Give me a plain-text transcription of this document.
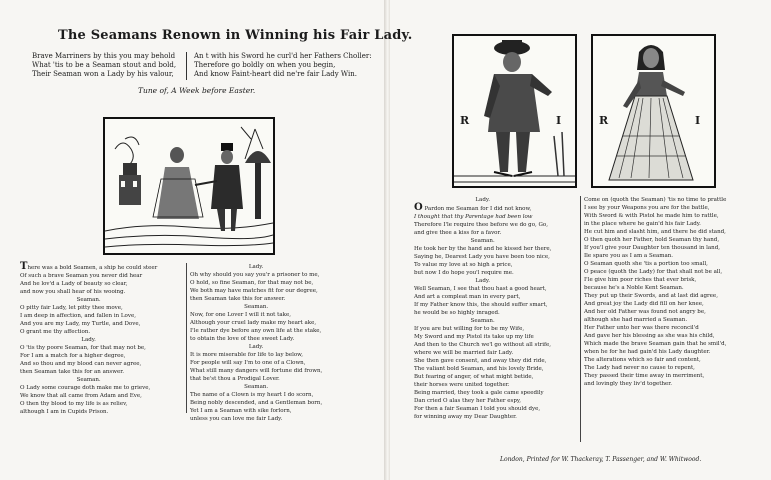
The Seamans Renown in Winning his Fair Lady.
Brave Marriners by this you may behold
What 'tis to be a Seaman stout and bold,
Their Seaman won a Lady by his valour,
An t with his Sword he curl'd her Fathers Choller:
Therefore go boldly on when you begin,
And know Faint-heart did ne're fair Lady Win.
Tune of, A Week before Easter.
R	I	R	I
There was a bold Seamen, a ship he could steer
Of such a brave Seaman you never did hear
And he lov'd a Lady of beauty so clear,
and now you shall hear of his wooing.
Seaman.
O pitty fair Lady, let pitty thee move,
I am deep in affection, and fallen in Love,
And you are my Lady, my Turtle, and Dove,
O grant me thy affection.
Lady.
O 'tis thy poore Seaman, for that may not be,
For I am a match for a higher degree,
And so thou and my blood can never agree,
then Seaman take this for an answer.
Seaman.
O Lady some courage doth make me to grieve,
We know that all came from Adam and Eve,
O then thy blood to my life is as reliev,
although I am in Cupids Prison.
Lady.
Oh why should you say you'r a prisoner to me,
O hold, so fine Seaman, for that may not be,
We both may have matches fit for our degree,
then Seaman take this for answer.
Seaman.
Now, for one Lover I will it not take,
Although your cruel lady make my heart ake,
I'le rather dye before any own life at the stake,
to obtain the love of thee sweet Lady.
Lady.
It is more miserable for life to lay below,
For people will say I'm to one of a Clown,
What still many dangers will fortune did frown,
that be'st thou a Prodigal Lover.
Seaman.
The name of a Clown is my heart I do scorn,
Being nobly descended, and a Gentleman born,
Yet I am a Seaman with sike forlorn,
unless you can love me fair Lady.
Lady.
O Pardon me Seaman for I did not know,
I thought that thy Parentage had been low
Therefore I'le require thee before we do go, Go,
and give thee a kiss for a favor.
Seaman.
He took her by the hand and he kissed her there,
Saying he, Dearest Lady you have been too nice,
To value my love at so high a price,
but now I do hope you'l require me.
Lady.
Well Seaman, I see that thou hast a good heart,
And art a compleat man in every part,
If my Father know this, the should suffer smart,
he would be so highly inraged.
Seaman.
If you are but willing for to be my Wife,
My Sword and my Pistol its take up my life
And then to the Church we'l go without all strife,
where we will be married fair Lady.
She then gave consent, and away they did ride,
The valiant bold Seaman, and his lovely Bride,
But fearing of anger, of what might betide,
their horses were united together.
Being married, they took a gale came speedily
Dan cried O alas they her Father espy,
For then a fair Seaman I told you should dye,
for winning away my Dear Daughter.
Come on (quoth the Seaman) 'tis no time to prattle
I see by your Weapons you are for the battle,
With Sword & with Pistol he made him to rattle,
in the place where he gain'd his fair Lady.
He cut him and slasht him, and there he did stand,
O then quoth her Father, hold Seaman thy hand,
If you'l give your Daughter ten thousand in land,
Ile spare you as I am a Seaman.
O Seaman quoth she 'tis a portion too small,
O peace (quoth the Lady) for that shall not be all,
I'le give him poor riches that ever brisk,
because he's a Noble Kent Seaman.
They put up their Swords, and at last did agree,
And great joy the Lady did fill on her knee,
And her old Father was found not angry be,
although she had married a Seaman.
Her Father unto her was there reconcil'd
And gave her his blessing as she was his child,
Which made the brave Seaman gain that he smil'd,
when he for he had gain'd his Lady daughter.
The alterations which so fair and content,
The Lady had never no cause to repent,
They passed their time away in merriment,
and lovingly they liv'd together.
London, Printed for W. Thackeray, T. Passenger, and W. Whitwood.
